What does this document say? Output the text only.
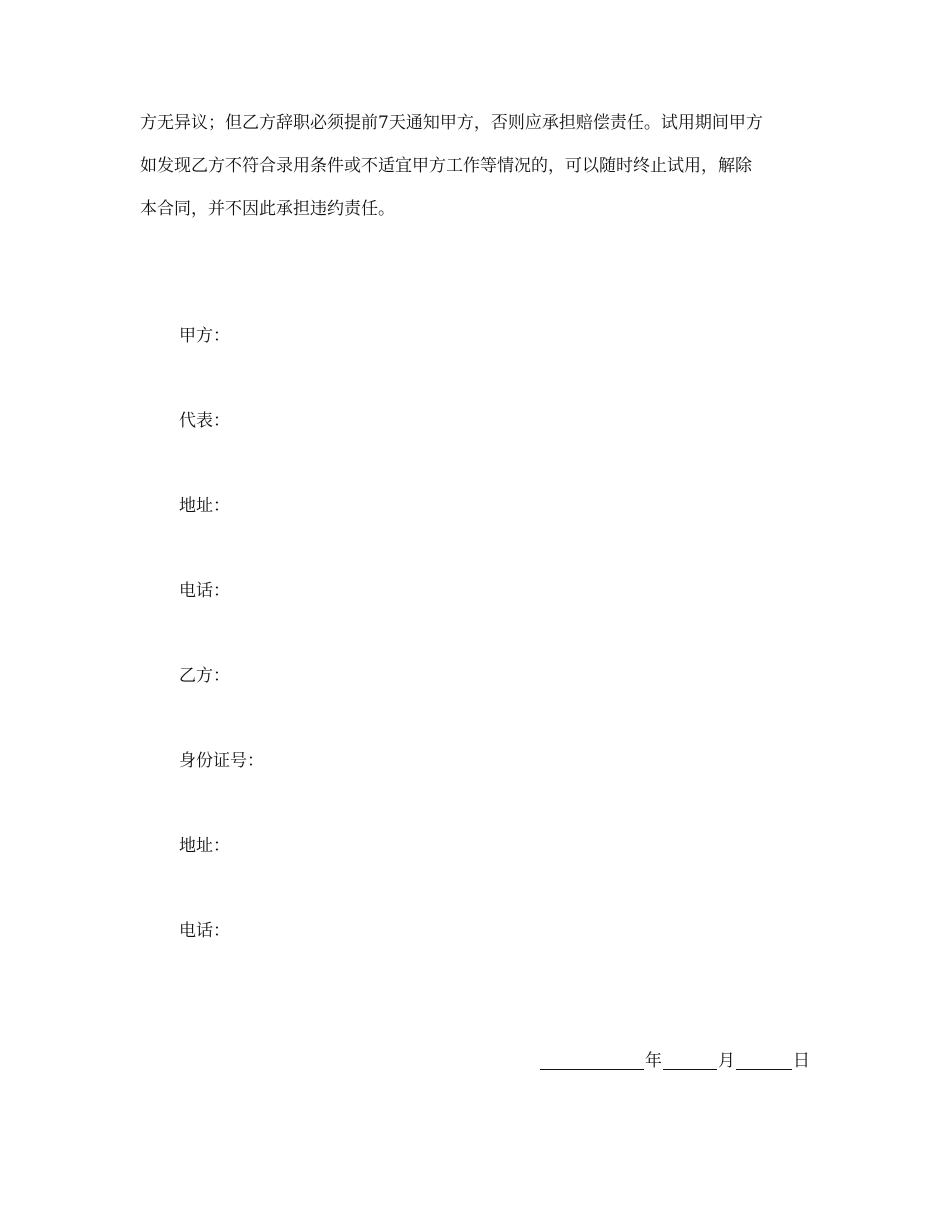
方无异议；但乙方辞职必须提前7天通知甲方，否则应承担赔偿责任。试用期间甲方
如发现乙方不符合录用条件或不适宜甲方工作等情况的，可以随时终止试用，解除
本合同，并不因此承担违约责任。
甲方：
代表：
地址：
电话：
乙方：
身份证号：
地址：
电话：
年	月	日
